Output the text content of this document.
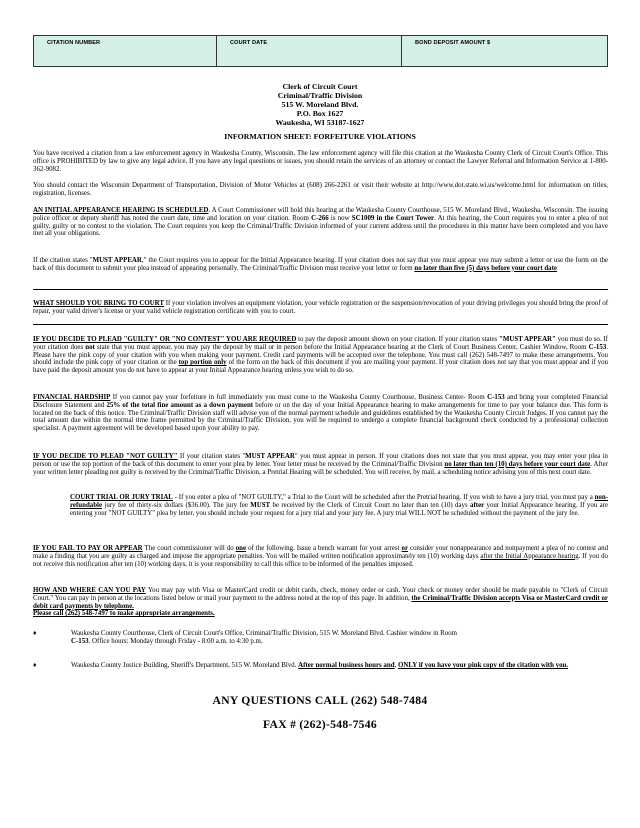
CITATION NUMBER	COURT DATE	BOND DEPOSIT AMOUNT $
Clerk of Circuit Court
Criminal/Traffic Division
515 W. Moreland Blvd.
P.O. Box 1627
Waukesha, WI 53187-1627
INFORMATION SHEET: FORFEITURE VIOLATIONS
You have received a citation from a law enforcement agency in Waukesha County, Wisconsin. The law enforcement agency will file this citation at the Waukesha County Clerk of Circuit Court's Office. This office is PROHIBITED by law to give any legal advice. If you have any legal questions or issues, you should retain the services of an attorney or contact the Lawyer Referral and Information Service at 1-800-362-9082.
You should contact the Wisconsin Department of Transportation, Division of Motor Vehicles at (608) 266-2261 or visit their website at http://www.dot.state.wi.us/welcome.html for information on titles, registration, licenses.
AN INITIAL APPEARANCE HEARING IS SCHEDULED. A Court Commissioner will hold this hearing at the Waukesha County Courthouse, 515 W. Moreland Blvd., Waukesha, Wisconsin. The issuing police officer or deputy sheriff has noted the court date, time and location on your citation. Room C-266 is now SC1009 in the Court Tower. At this hearing, the Court requires you to enter a plea of not guilty, guilty or no contest to the violation. The Court requires you keep the Criminal/Traffic Division informed of your current address until the procedures in this matter have been completed and you have met all your obligations.
If the citation states "MUST APPEAR," the Court requires you to appear for the Initial Appearance hearing. If your citation does not say that you must appear you may submit a letter or use the form on the back of this document to submit your plea instead of appearing personally. The Criminal/Traffic Division must receive your letter or form no later than five (5) days before your court date
WHAT SHOULD YOU BRING TO COURT If your violation involves an equipment violation, your vehicle registration or the suspension/revocation of your driving privileges you should bring the proof of repair, your valid driver's license or your valid vehicle registration certificate with you to court.
IF YOU DECIDE TO PLEAD "GUILTY" OR "NO CONTEST" YOU ARE REQUIRED to pay the deposit amount shown on your citation. If your citation states "MUST APPEAR" you must do so. If your citation does not state that you must appear, you may pay the deposit by mail or in person before the Initial Appearance hearing at the Clerk of Court Business Center, Cashier Window, Room C-153. Please have the pink copy of your citation with you when making your payment. Credit card payments will be accepted over the telephone. You must call (262) 548-7497 to make these arrangements. You should include the pink copy of your citation or the top portion only of the form on the back of this document if you are mailing your payment. If your citation does not say that you must appear and if you have paid the deposit amount you do not have to appear at your Initial Appearance hearing unless you wish to do so.
FINANCIAL HARDSHIP If you cannot pay your forfeiture in full immediately you must come to the Waukesha County Courthouse, Business Center- Room C-153 and bring your completed Financial Disclosure Statement and 25% of the total fine amount as a down payment before or on the day of your Initial Appearance hearing to make arrangements for time to pay your balance due. This form is located on the back of this notice. The Criminal/Traffic Division staff will advise you of the normal payment schedule and guidelines established by the Waukesha County Circuit Judges. If you cannot pay the total amount due within the normal time frame permitted by the Criminal/Traffic Division, you will be required to undergo a complete financial background check conducted by a professional collection specialist. A payment agreement will be developed based upon your ability to pay.
IF YOU DECIDE TO PLEAD "NOT GUILTY" If your citation states "MUST APPEAR" you must appear in person. If your citations does not state that you must appear, you may enter your plea in person or use the top portion of the back of this document to enter your plea by letter. Your letter must be received by the Criminal/Traffic Division no later than ten (10) days before your court date. After your written letter pleading not guilty is received by the Criminal/Traffic Division, a Pretrial Hearing will be scheduled. You will receive, by mail, a scheduling notice advising you of this next court date.
COURT TRIAL OR JURY TRIAL - If you enter a plea of "NOT GUILTY," a Trial to the Court will be scheduled after the Pretrial hearing. If you wish to have a jury trial, you must pay a non-refundable jury fee of thirty-six dollars ($36.00). The jury fee MUST be received by the Clerk of Circuit Court no later than ten (10) days after your Initial Appearance hearing. If you are entering your "NOT GUILTY" plea by letter, you should include your request for a jury trial and your jury fee. A jury trial WILL NOT be scheduled without the payment of the jury fee.
IF YOU FAIL TO PAY OR APPEAR The court commissioner will do one of the following. Issue a bench warrant for your arrest or consider your nonappearance and nonpayment a plea of no contest and make a finding that you are guilty as charged and impose the appropriate penalties. You will be mailed written notification approximately ten (10) working days after the Initial Appearance hearing. If you do not receive this notification after ten (10) working days, it is your responsibility to call this office to be informed of the penalties imposed.
HOW AND WHERE CAN YOU PAY You may pay with Visa or MasterCard credit or debit cards, check, money order or cash. Your check or money order should be made payable to "Clerk of Circuit Court." You can pay in person at the locations listed below or mail your payment to the address noted at the top of this page. In addition, the Criminal/Traffic Division accepts Visa or MasterCard credit or debit card payments by telephone.
Please call (262) 548-7497 to make appropriate arrangements.
♦	Waukesha County Courthouse, Clerk of Circuit Court's Office, Criminal/Traffic Division, 515 W. Moreland Blvd. Cashier window in Room
C-153. Office hours: Monday through Friday - 8:00 a.m. to 4:30 p.m.
♦	Waukesha County Justice Building, Sheriff's Department, 515 W. Moreland Blvd. After normal business hours and, ONLY if you have your pink copy of the citation with you.
ANY QUESTIONS CALL (262) 548-7484
FAX # (262)-548-7546
